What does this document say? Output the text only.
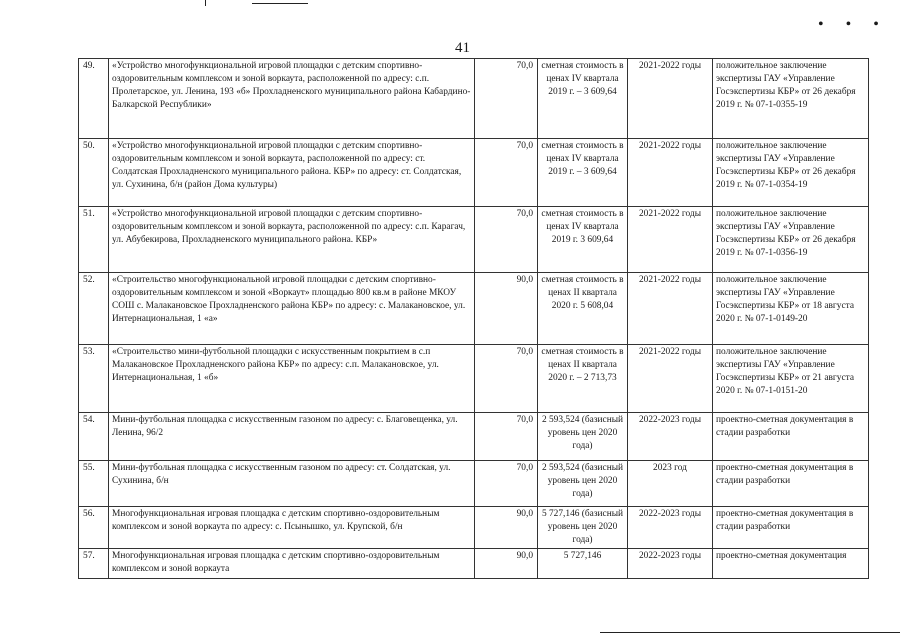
• • •
41
49.	«Устройство многофункциональной игровой площадки с детским спортивно-оздоровительным комплексом и зоной воркаута, расположенной по адресу: с.п. Пролетарское, ул. Ленина, 193 «б» Прохладненского муниципального района Кабардино-Балкарской Республики»	70,0	сметная стоимость в ценах IV квартала 2019 г. – 3 609,64	2021-2022 годы	положительное заключение экспертизы ГАУ «Управление Госэкспертизы КБР» от 26 декабря 2019 г. № 07-1-0355-19
50.	«Устройство многофункциональной игровой площадки с детским спортивно-оздоровительным комплексом и зоной воркаута, расположенной по адресу: ст. Солдатская Прохладненского муниципального района. КБР» по адресу: ст. Солдатская, ул. Сухинина, б/н (район Дома культуры)	70,0	сметная стоимость в ценах IV квартала 2019 г. – 3 609,64	2021-2022 годы	положительное заключение экспертизы ГАУ «Управление Госэкспертизы КБР» от 26 декабря 2019 г. № 07-1-0354-19
51.	«Устройство многофункциональной игровой площадки с детским спортивно-оздоровительным комплексом и зоной воркаута, расположенной по адресу: с.п. Карагач, ул. Абубекирова, Прохладненского муниципального района. КБР»	70,0	сметная стоимость в ценах IV квартала 2019 г. 3 609,64	2021-2022 годы	положительное заключение экспертизы ГАУ «Управление Госэкспертизы КБР» от 26 декабря 2019 г. № 07-1-0356-19
52.	«Строительство многофункциональной игровой площадки с детским спортивно-оздоровительным комплексом и зоной «Воркаут» площадью 800 кв.м в районе МКОУ СОШ с. Малакановское Прохладненского района КБР» по адресу: с. Малакановское, ул. Интернациональная, 1 «а»	90,0	сметная стоимость в ценах II квартала 2020 г. 5 608,04	2021-2022 годы	положительное заключение экспертизы ГАУ «Управление Госэкспертизы КБР» от 18 августа 2020 г. № 07-1-0149-20
53.	«Строительство мини-футбольной площадки с искусственным покрытием в с.п Малакановское Прохладненского района КБР» по адресу: с.п. Малакановское, ул. Интернациональная, 1 «б»	70,0	сметная стоимость в ценах II квартала 2020 г. – 2 713,73	2021-2022 годы	положительное заключение экспертизы ГАУ «Управление Госэкспертизы КБР» от 21 августа 2020 г. № 07-1-0151-20
54.	Мини-футбольная площадка с искусственным газоном по адресу: с. Благовещенка, ул. Ленина, 96/2	70,0	2 593,524 (базисный уровень цен 2020 года)	2022-2023 годы	проектно-сметная документация в стадии разработки
55.	Мини-футбольная площадка с искусственным газоном по адресу: ст. Солдатская, ул. Сухинина, б/н	70,0	2 593,524 (базисный уровень цен 2020 года)	2023 год	проектно-сметная документация в стадии разработки
56.	Многофункциональная игровая площадка с детским спортивно-оздоровительным комплексом и зоной воркаута по адресу: с. Псынышко, ул. Крупской, б/н	90,0	5 727,146 (базисный уровень цен 2020 года)	2022-2023 годы	проектно-сметная документация в стадии разработки
57.	Многофункциональная игровая площадка с детским спортивно-оздоровительным комплексом и зоной воркаута	90,0	5 727,146	2022-2023 годы	проектно-сметная документация
